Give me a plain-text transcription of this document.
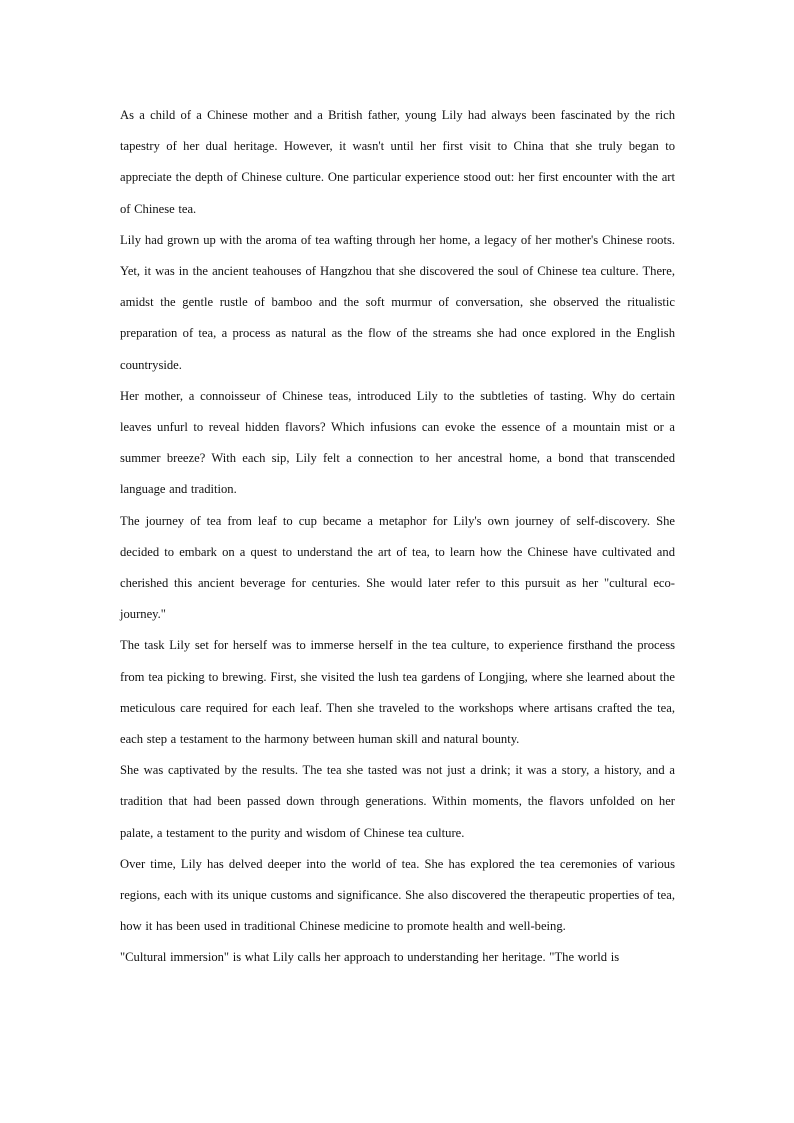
As a child of a Chinese mother and a British father, young Lily had always been fascinated by the rich tapestry of her dual heritage. However, it wasn't until her first visit to China that she truly began to appreciate the depth of Chinese culture. One particular experience stood out: her first encounter with the art of Chinese tea.

Lily had grown up with the aroma of tea wafting through her home, a legacy of her mother's Chinese roots. Yet, it was in the ancient teahouses of Hangzhou that she discovered the soul of Chinese tea culture. There, amidst the gentle rustle of bamboo and the soft murmur of conversation, she observed the ritualistic preparation of tea, a process as natural as the flow of the streams she had once explored in the English countryside.

Her mother, a connoisseur of Chinese teas, introduced Lily to the subtleties of tasting. Why do certain leaves unfurl to reveal hidden flavors? Which infusions can evoke the essence of a mountain mist or a summer breeze? With each sip, Lily felt a connection to her ancestral home, a bond that transcended language and tradition.

The journey of tea from leaf to cup became a metaphor for Lily's own journey of self-discovery. She decided to embark on a quest to understand the art of tea, to learn how the Chinese have cultivated and cherished this ancient beverage for centuries. She would later refer to this pursuit as her "cultural eco-journey."

The task Lily set for herself was to immerse herself in the tea culture, to experience firsthand the process from tea picking to brewing. First, she visited the lush tea gardens of Longjing, where she learned about the meticulous care required for each leaf. Then she traveled to the workshops where artisans crafted the tea, each step a testament to the harmony between human skill and natural bounty.

She was captivated by the results. The tea she tasted was not just a drink; it was a story, a history, and a tradition that had been passed down through generations. Within moments, the flavors unfolded on her palate, a testament to the purity and wisdom of Chinese tea culture.

Over time, Lily has delved deeper into the world of tea. She has explored the tea ceremonies of various regions, each with its unique customs and significance. She also discovered the therapeutic properties of tea, how it has been used in traditional Chinese medicine to promote health and well-being.

"Cultural immersion" is what Lily calls her approach to understanding her heritage. "The world is
